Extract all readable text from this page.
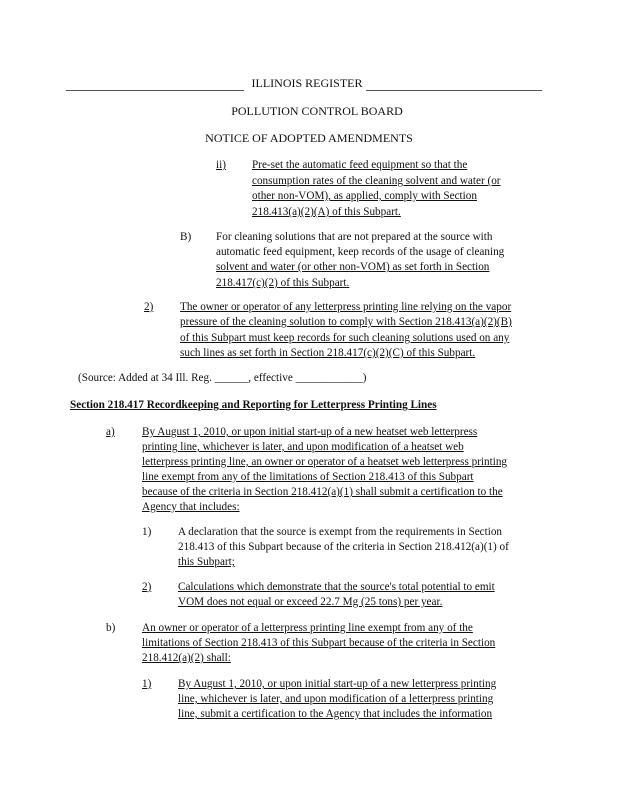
ILLINOIS REGISTER
POLLUTION CONTROL BOARD
NOTICE OF ADOPTED AMENDMENTS
ii) Pre-set the automatic feed equipment so that the
consumption rates of the cleaning solvent and water (or
other non-VOM), as applied, comply with Section
218.413(a)(2)(A) of this Subpart.
B) For cleaning solutions that are not prepared at the source with
automatic feed equipment, keep records of the usage of cleaning
solvent and water (or other non-VOM) as set forth in Section
218.417(c)(2) of this Subpart.
2) The owner or operator of any letterpress printing line relying on the vapor
pressure of the cleaning solution to comply with Section 218.413(a)(2)(B)
of this Subpart must keep records for such cleaning solutions used on any
such lines as set forth in Section 218.417(c)(2)(C) of this Subpart.
(Source: Added at 34 Ill. Reg. ______, effective ____________)
Section 218.417 Recordkeeping and Reporting for Letterpress Printing Lines
a) By August 1, 2010, or upon initial start-up of a new heatset web letterpress
printing line, whichever is later, and upon modification of a heatset web
letterpress printing line, an owner or operator of a heatset web letterpress printing
line exempt from any of the limitations of Section 218.413 of this Subpart
because of the criteria in Section 218.412(a)(1) shall submit a certification to the
Agency that includes:
1) A declaration that the source is exempt from the requirements in Section
218.413 of this Subpart because of the criteria in Section 218.412(a)(1) of
this Subpart;
2) Calculations which demonstrate that the source's total potential to emit
VOM does not equal or exceed 22.7 Mg (25 tons) per year.
b) An owner or operator of a letterpress printing line exempt from any of the
limitations of Section 218.413 of this Subpart because of the criteria in Section
218.412(a)(2) shall:
1) By August 1, 2010, or upon initial start-up of a new letterpress printing
line, whichever is later, and upon modification of a letterpress printing
line, submit a certification to the Agency that includes the information
